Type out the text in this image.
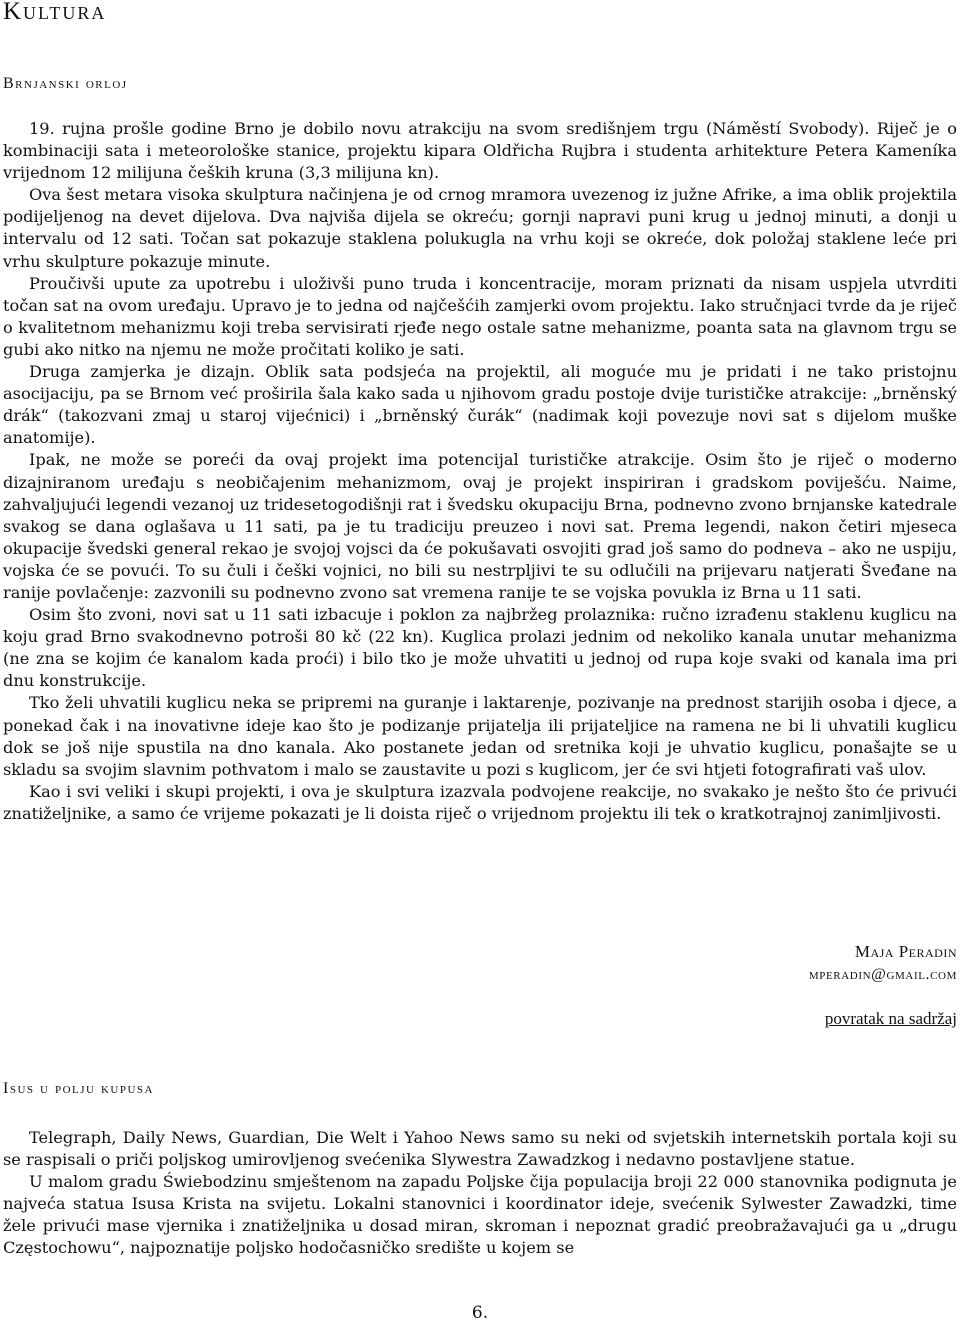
Kultura
Brnjanski orloj

19. rujna prošle godine Brno je dobilo novu atrakciju na svom središnjem trgu (Náměstí Svobody). Riječ je o kombinaciji sata i meteorološke stanice, projektu kipara Oldřicha Rujbra i studenta arhitekture Petera Kameníka vrijednom 12 milijuna čeških kruna (3,3 milijuna kn).

Ova šest metara visoka skulptura načinjena je od crnog mramora uvezenog iz južne Afrike, a ima oblik projektila podijeljenog na devet dijelova. Dva najviša dijela se okreću; gornji napravi puni krug u jednoj minuti, a donji u intervalu od 12 sati. Točan sat pokazuje staklena polukugla na vrhu koji se okreće, dok položaj staklene leće pri vrhu skulpture pokazuje minute.

Proučivši upute za upotrebu i uloživši puno truda i koncentracije, moram priznati da nisam uspjela utvrditi točan sat na ovom uređaju. Upravo je to jedna od najčešćih zamjerki ovom projektu. Iako stručnjaci tvrde da je riječ o kvalitetnom mehanizmu koji treba servisirati rjeđe nego ostale satne mehanizme, poanta sata na glavnom trgu se gubi ako nitko na njemu ne može pročitati koliko je sati.

Druga zamjerka je dizajn. Oblik sata podsjeća na projektil, ali moguće mu je pridati i ne tako pristojnu asocijaciju, pa se Brnom već proširila šala kako sada u njihovom gradu postoje dvije turističke atrakcije: „brněnský drák“ (takozvani zmaj u staroj vijećnici) i „brněnský čurák“ (nadimak koji povezuje novi sat s dijelom muške anatomije).

Ipak, ne može se poreći da ovaj projekt ima potencijal turističke atrakcije. Osim što je riječ o moderno dizajniranom uređaju s neobičajenim mehanizmom, ovaj je projekt inspiriran i gradskom poviješću. Naime, zahvaljujući legendi vezanoj uz tridesetogodišnji rat i švedsku okupaciju Brna, podnevno zvono brnjanske katedrale svakog se dana oglašava u 11 sati, pa je tu tradiciju preuzeo i novi sat. Prema legendi, nakon četiri mjeseca okupacije švedski general rekao je svojoj vojsci da će pokušavati osvojiti grad još samo do podneva – ako ne uspiju, vojska će se povući. To su čuli i češki vojnici, no bili su nestrpljivi te su odlučili na prijevaru natjerati Šveđane na ranije povlačenje: zazvonili su podnevno zvono sat vremena ranije te se vojska povukla iz Brna u 11 sati.

Osim što zvoni, novi sat u 11 sati izbacuje i poklon za najbržeg prolaznika: ručno izrađenu staklenu kuglicu na koju grad Brno svakodnevno potroši 80 kč (22 kn). Kuglica prolazi jednim od nekoliko kanala unutar mehanizma (ne zna se kojim će kanalom kada proći) i bilo tko je može uhvatiti u jednoj od rupa koje svaki od kanala ima pri dnu konstrukcije.

Tko želi uhvatili kuglicu neka se pripremi na guranje i laktarenje, pozivanje na prednost starijih osoba i djece, a ponekad čak i na inovativne ideje kao što je podizanje prijatelja ili prijateljice na ramena ne bi li uhvatili kuglicu dok se još nije spustila na dno kanala. Ako postanete jedan od sretnika koji je uhvatio kuglicu, ponašajte se u skladu sa svojim slavnim pothvatom i malo se zaustavite u pozi s kuglicom, jer će svi htjeti fotografirati vaš ulov.

Kao i svi veliki i skupi projekti, i ova je skulptura izazvala podvojene reakcije, no svakako je nešto što će privući znatiželjnike, a samo će vrijeme pokazati je li doista riječ o vrijednom projektu ili tek o kratkotrajnoj zanimljivosti.

Maja Peradin
mperadin@gmail.com
povratak na sadržaj
Isus u polju kupusa

Telegraph, Daily News, Guardian, Die Welt i Yahoo News samo su neki od svjetskih internetskih portala koji su se raspisali o priči poljskog umirovljenog svećenika Slywestra Zawadzkog i nedavno postavljene statue.

U malom gradu Świebodzinu smještenom na zapadu Poljske čija populacija broji 22 000 stanovnika podignuta je najveća statua Isusa Krista na svijetu. Lokalni stanovnici i koordinator ideje, svećenik Sylwester Zawadzki, time žele privući mase vjernika i znatiželjnika u dosad miran, skroman i nepoznat gradić preobražavajući ga u „drugu Częstochowu“, najpoznatije poljsko hodočasničko središte u kojem se

6.
